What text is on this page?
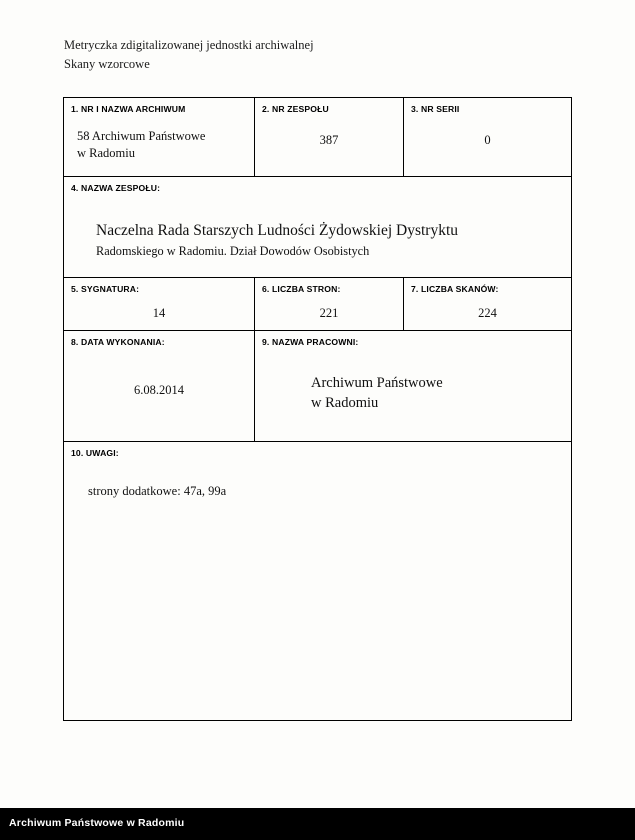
Metryczka zdigitalizowanej jednostki archiwalnej
Skany wzorcowe
1. NR I NAZWA ARCHIWUM
58 Archiwum Państwowe
w Radomiu	2. NR ZESPOŁU
387	3. NR SERII
0

4. NAZWA ZESPOŁU:
Naczelna Rada Starszych Ludności Żydowskiej Dystryktu
Radomskiego w Radomiu. Dział Dowodów Osobistych		

5. SYGNATURA:
14	6. LICZBA STRON:
221	7. LICZBA SKANÓW:
224

8. DATA WYKONANIA:
6.08.2014	9. NAZWA PRACOWNI:
Archiwum Państwowe
w Radomiu	

10. UWAGI:
strony dodatkowe: 47a, 99a		
Archiwum Państwowe w Radomiu
